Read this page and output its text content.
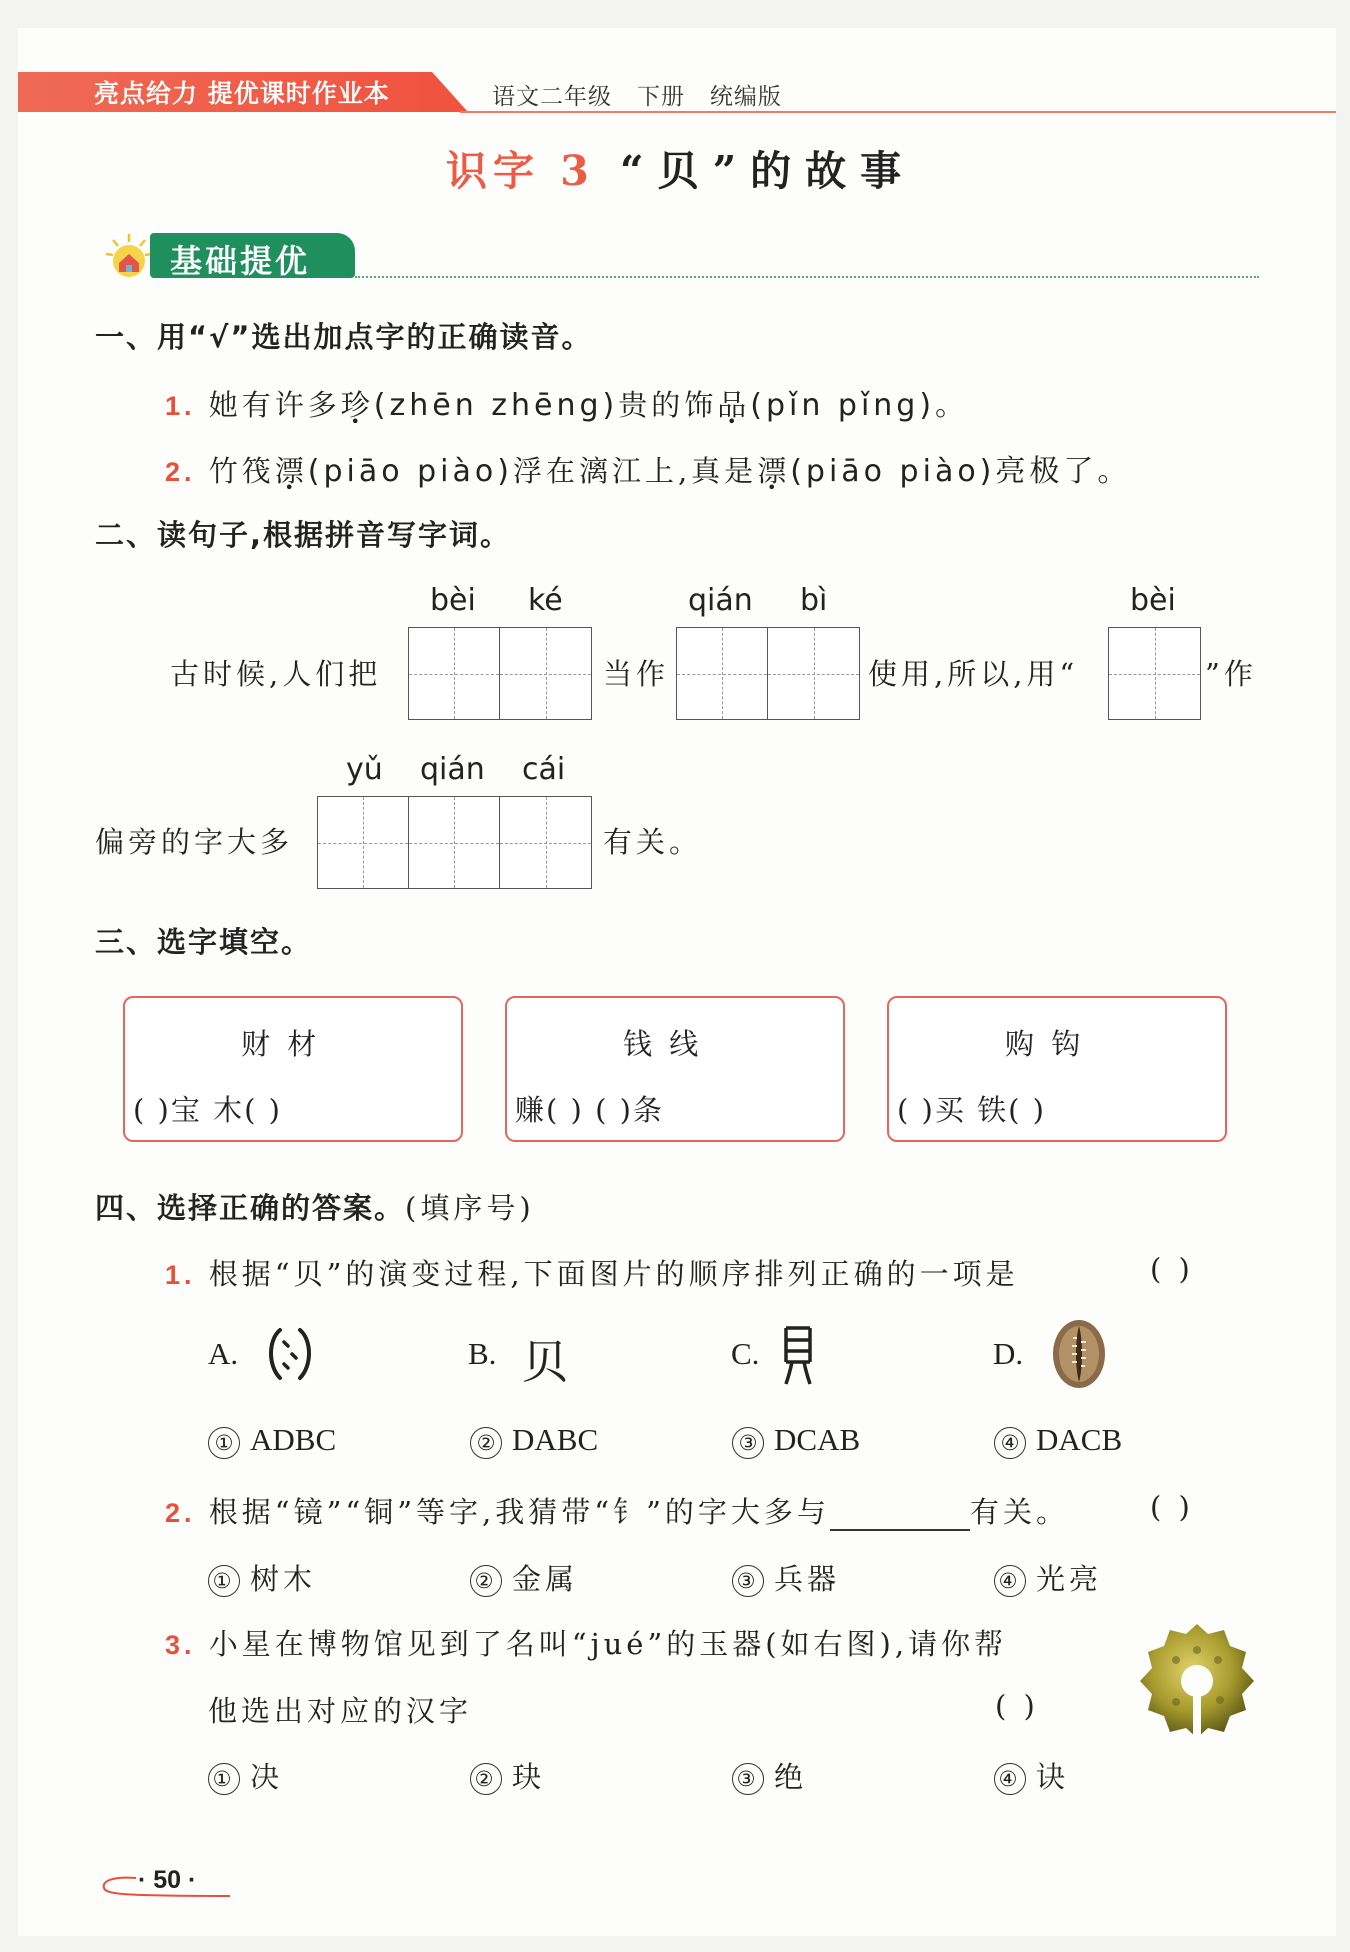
亮点给力 提优课时作业本	语文二年级 下册 统编版
识字 3 “贝”的故事
基础提优
一、用“√”选出加点字的正确读音。
1. 她有许多珍(zhēn zhēng)贵的饰品(pǐn pǐng)。
2. 竹筏漂(piāo piào)浮在漓江上,真是漂(piāo piào)亮极了。
二、读句子,根据拼音写字词。
bèi ké	qián bì	bèi
古时候,人们把	当作	使用,所以,用“	”作
yǔ qián cái
偏旁的字大多	有关。
三、选字填空。
财 材
( )宝 木( )
钱 线
赚( ) ( )条
购 钩
( )买 铁( )
四、选择正确的答案。(填序号)
1. 根据“贝”的演变过程,下面图片的顺序排列正确的一项是	( )
A.	B. 贝	C.	D.
① ADBC	② DABC	③ DCAB	④ DACB
2. 根据“镜”“铜”等字,我猜带“钅”的字大多与	有关。	( )
① 树木	② 金属	③ 兵器	④ 光亮
3. 小星在博物馆见到了名叫“jué”的玉器(如右图),请你帮
他选出对应的汉字	( )
① 决	② 玦	③ 绝	④ 诀
· 50 ·
